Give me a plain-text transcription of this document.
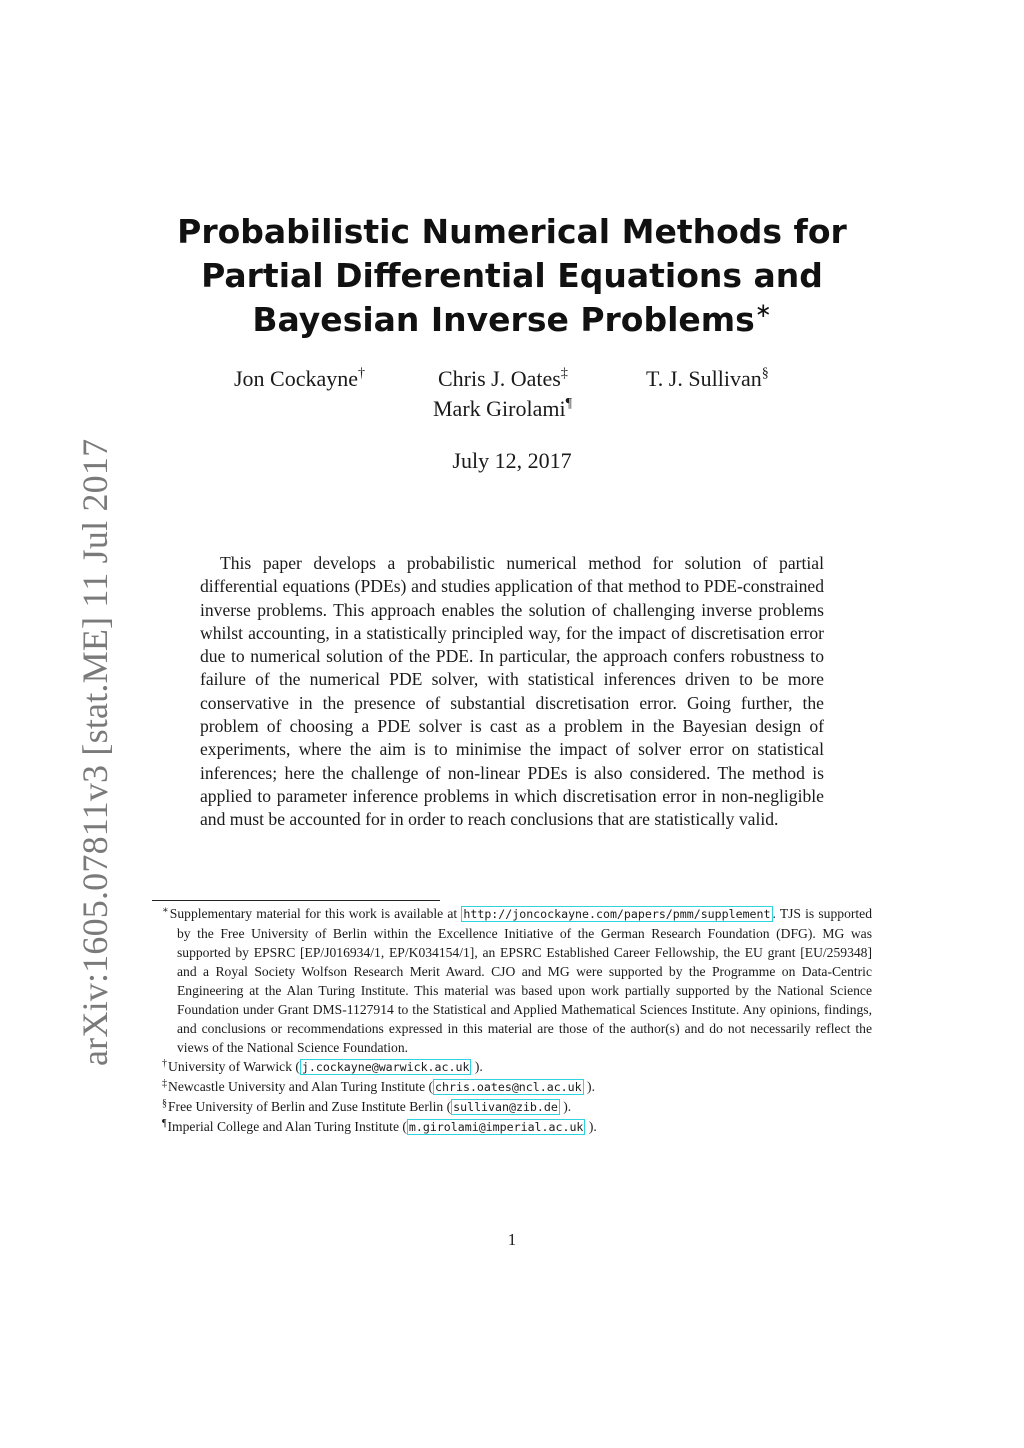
arXiv:1605.07811v3 [stat.ME] 11 Jul 2017
Probabilistic Numerical Methods for Partial Differential Equations and Bayesian Inverse Problems∗
Jon Cockayne†	Chris J. Oates‡	T. J. Sullivan§
Mark Girolami¶
July 12, 2017

This paper develops a probabilistic numerical method for solution of partial differential equations (PDEs) and studies application of that method to PDE-constrained inverse problems. This approach enables the solution of challenging inverse problems whilst accounting, in a statistically principled way, for the impact of discretisation error due to numerical solution of the PDE. In particular, the approach confers robustness to failure of the numerical PDE solver, with statistical inferences driven to be more conservative in the presence of substantial discretisation error. Going further, the problem of choosing a PDE solver is cast as a problem in the Bayesian design of experiments, where the aim is to minimise the impact of solver error on statistical inferences; here the challenge of non-linear PDEs is also considered. The method is applied to parameter inference problems in which discretisation error in non-negligible and must be accounted for in order to reach conclusions that are statistically valid.

∗Supplementary material for this work is available at http://joncockayne.com/papers/pmm/supplement . TJS is supported by the Free University of Berlin within the Excellence Initiative of the German Research Foundation (DFG). MG was supported by EPSRC [EP/J016934/1, EP/K034154/1], an EPSRC Established Career Fellowship, the EU grant [EU/259348] and a Royal Society Wolfson Research Merit Award. CJO and MG were supported by the Programme on Data-Centric Engineering at the Alan Turing Institute. This material was based upon work partially supported by the National Science Foundation under Grant DMS-1127914 to the Statistical and Applied Mathematical Sciences Institute. Any opinions, findings, and conclusions or recommendations expressed in this material are those of the author(s) and do not necessarily reflect the views of the National Science Foundation.

†University of Warwick ( j.cockayne@warwick.ac.uk ).

‡Newcastle University and Alan Turing Institute ( chris.oates@ncl.ac.uk ).

§Free University of Berlin and Zuse Institute Berlin ( sullivan@zib.de ).

¶Imperial College and Alan Turing Institute ( m.girolami@imperial.ac.uk ).

1
